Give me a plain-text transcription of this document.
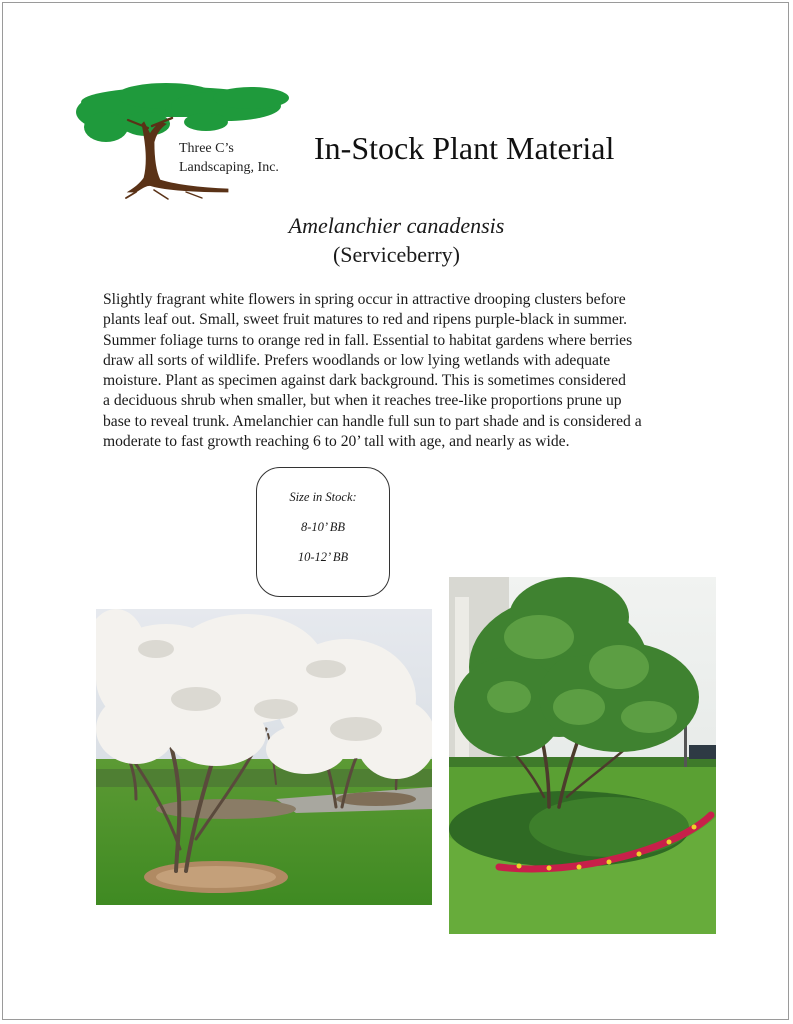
Three C’s
Landscaping, Inc.
In-Stock Plant Material
Amelanchier canadensis
(Serviceberry)
Slightly fragrant white flowers in spring occur in attractive drooping clusters before
plants leaf out. Small, sweet fruit matures to red and ripens purple-black in summer.
Summer foliage turns to orange red in fall. Essential to habitat gardens where berries
draw all sorts of wildlife. Prefers woodlands or low lying wetlands with adequate
moisture. Plant as specimen against dark background. This is sometimes considered
a deciduous shrub when smaller, but when it reaches tree-like proportions prune up
base to reveal trunk. Amelanchier can handle full sun to part shade and is considered a
moderate to fast growth reaching 6 to 20’ tall with age, and nearly as wide.
Size in Stock:
8-10’ BB
10-12’ BB
